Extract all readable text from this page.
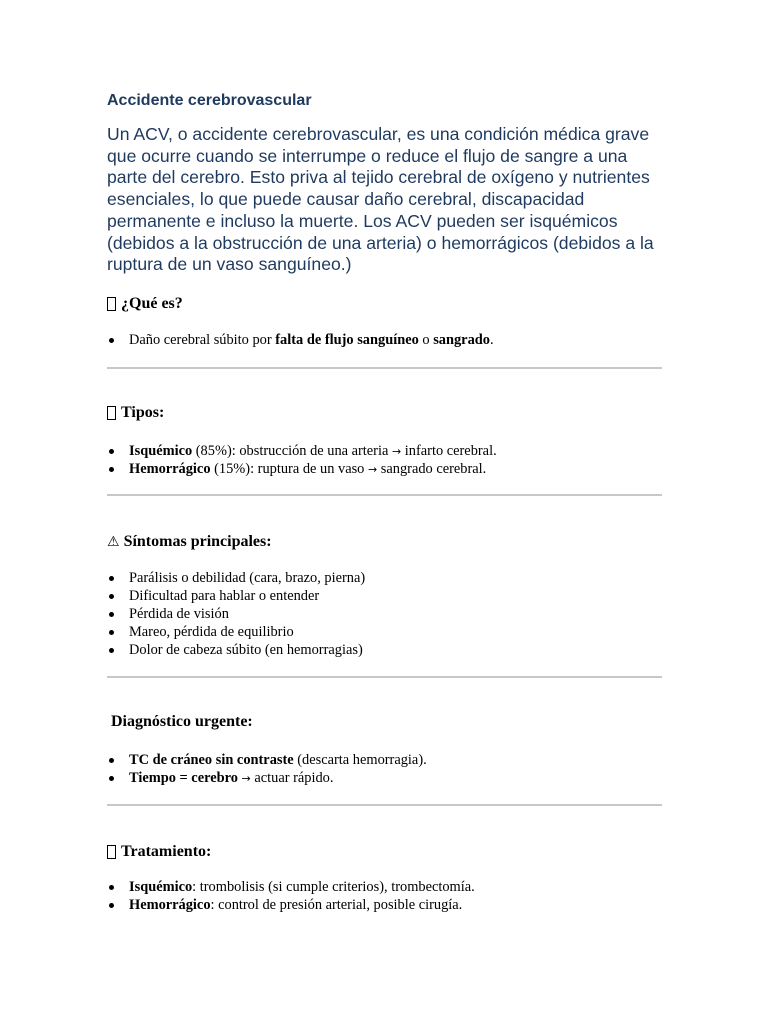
Accidente cerebrovascular

Un ACV, o accidente cerebrovascular, es una condición médica grave que ocurre cuando se interrumpe o reduce el flujo de sangre a una parte del cerebro. Esto priva al tejido cerebral de oxígeno y nutrientes esenciales, lo que puede causar daño cerebral, discapacidad permanente e incluso la muerte. Los ACV pueden ser isquémicos (debidos a la obstrucción de una arteria) o hemorrágicos (debidos a la ruptura de un vaso sanguíneo.)

¿Qué es?
Daño cerebral súbito por falta de flujo sanguíneo o sangrado.
Tipos:
Isquémico (85%): obstrucción de una arteria → infarto cerebral.
Hemorrágico (15%): ruptura de un vaso → sangrado cerebral.
⚠ Síntomas principales:
Parálisis o debilidad (cara, brazo, pierna)
Dificultad para hablar o entender
Pérdida de visión
Mareo, pérdida de equilibrio
Dolor de cabeza súbito (en hemorragias)
Diagnóstico urgente:
TC de cráneo sin contraste (descarta hemorragia).
Tiempo = cerebro → actuar rápido.
Tratamiento:
Isquémico: trombolisis (si cumple criterios), trombectomía.
Hemorrágico: control de presión arterial, posible cirugía.
